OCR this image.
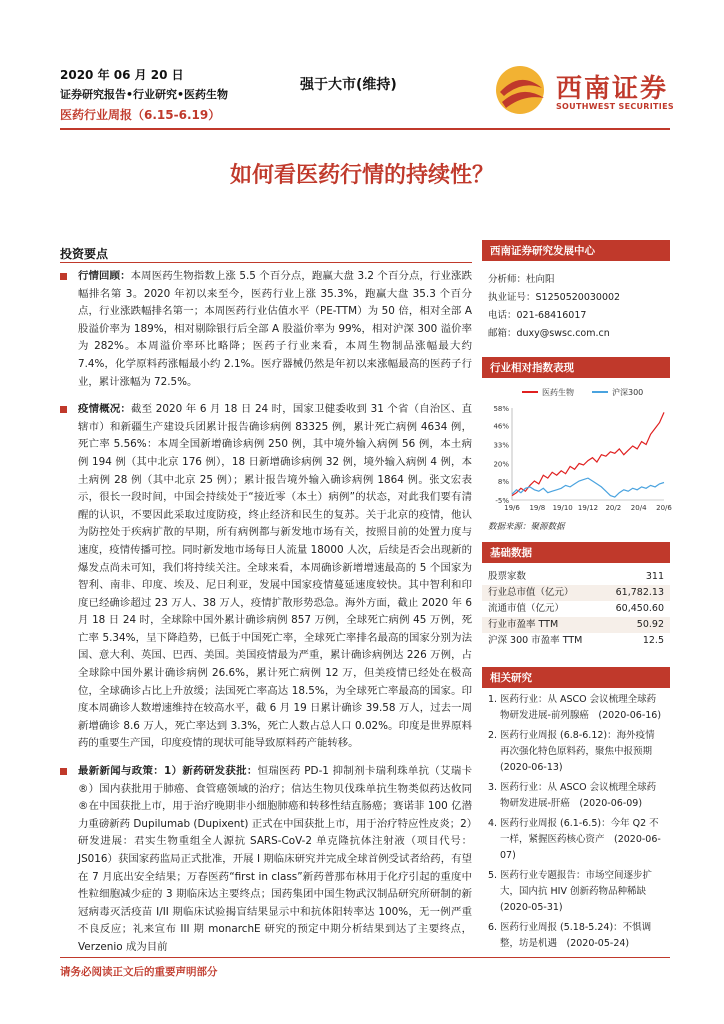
2020 年 06 月 20 日
证券研究报告•行业研究•医药生物
医药行业周报（6.15-6.19）
强于大市(维持)	西南证券
SOUTHWEST SECURITIES
如何看医药行情的持续性？
投资要点

行情回顾：本周医药生物指数上涨 5.5 个百分点，跑赢大盘 3.2 个百分点，行业涨跌幅排名第 3。2020 年初以来至今，医药行业上涨 35.3%，跑赢大盘 35.3 个百分点，行业涨跌幅排名第一；本周医药行业估值水平（PE-TTM）为 50 倍，相对全部 A 股溢价率为 189%，相对剔除银行后全部 A 股溢价率为 99%，相对沪深 300 溢价率为 282%。本周溢价率环比略降；医药子行业来看，本周生物制品涨幅最大约 7.4%，化学原料药涨幅最小约 2.1%。医疗器械仍然是年初以来涨幅最高的医药子行业，累计涨幅为 72.5%。

疫情概况：截至 2020 年 6 月 18 日 24 时，国家卫健委收到 31 个省（自治区、直辖市）和新疆生产建设兵团累计报告确诊病例 83325 例，累计死亡病例 4634 例，死亡率 5.56%：本周全国新增确诊病例 250 例，其中境外输入病例 56 例，本土病例 194 例（其中北京 176 例），18 日新增确诊病例 32 例，境外输入病例 4 例，本土病例 28 例（其中北京 25 例）；累计报告境外输入确诊病例 1864 例。张文宏表示，很长一段时间，中国会持续处于“接近零（本土）病例”的状态，对此我们要有清醒的认识，不要因此采取过度防疫，终止经济和民生的复苏。关于北京的疫情，他认为防控处于疾病扩散的早期，所有病例都与新发地市场有关，按照目前的处置力度与速度，疫情传播可控。同时新发地市场每日人流量 18000 人次，后续是否会出现新的爆发点尚未可知，我们将持续关注。全球来看，本周确诊新增增速最高的 5 个国家为智利、南非、印度、埃及、尼日利亚，发展中国家疫情蔓延速度较快。其中智利和印度已经确诊超过 23 万人、38 万人，疫情扩散形势恐急。海外方面，截止 2020 年 6 月 18 日 24 时，全球除中国外累计确诊病例 857 万例，全球死亡病例 45 万例，死亡率 5.34%，呈下降趋势，已低于中国死亡率，全球死亡率排名最高的国家分别为法国、意大利、英国、巴西、美国。美国疫情最为严重，累计确诊病例达 226 万例，占全球除中国外累计确诊病例 26.6%，累计死亡病例 12 万，但美疫情已经处在极高位，全球确诊占比上升放缓；法国死亡率高达 18.5%，为全球死亡率最高的国家。印度本周确诊人数增速维持在较高水平，截 6 月 19 日累计确诊 39.58 万人，过去一周新增确诊 8.6 万人，死亡率达到 3.3%，死亡人数占总人口 0.02%。印度是世界原料药的重要生产国，印度疫情的现状可能导致原料药产能转移。

最新新闻与政策：1）新药研发获批：恒瑞医药 PD-1 抑制剂卡瑞利珠单抗（艾瑞卡®）国内获批用于肺癌、食管癌领域的治疗；信达生物贝伐珠单抗生物类似药达攸同®在中国获批上市，用于治疗晚期非小细胞肺癌和转移性结直肠癌；赛诺菲 100 亿潜力重磅新药 Dupilumab (Dupixent) 正式在中国获批上市，用于治疗特应性皮炎；2）研发进展：君实生物重组全人源抗 SARS-CoV-2 单克隆抗体注射液（项目代号：JS016）获国家药监局正式批准，开展 I 期临床研究并完成全球首例受试者给药，有望在 7 月底出安全结果；万春医药“first in class”新药普那布林用于化疗引起的重度中性粒细胞减少症的 3 期临床达主要终点；国药集团中国生物武汉制品研究所研制的新冠病毒灭活疫苗 I/II 期临床试验揭盲结果显示中和抗体阳转率达 100%，无一例严重不良反应；礼来宣布 III 期 monarchE 研究的预定中期分析结果到达了主要终点，Verzenio 成为目前

西南证券研究发展中心
分析师：杜向阳
执业证号：S1250520030002
电话：021-68416017
邮箱：duxy@swsc.com.cn
行业相对指数表现
医药生物	沪深300
-5%
8%
20%
33%
46%
58%
19/6 19/8 19/10 19/12 20/2 20/4 20/6
数据来源：聚源数据
基础数据
股票家数	311
行业总市值（亿元）	61,782.13
流通市值（亿元）	60,450.60
行业市盈率 TTM	50.92
沪深 300 市盈率 TTM	12.5
相关研究
1. 医药行业：从 ASCO 会议梳理全球药物研发进展-前列腺癌　(2020-06-16)
2. 医药行业周报 (6.8-6.12)：海外疫情再次强化特色原料药，聚焦中报预期　(2020-06-13)
3. 医药行业：从 ASCO 会议梳理全球药物研发进展-肝癌　(2020-06-09)
4. 医药行业周报 (6.1-6.5)：今年 Q2 不一样，紧握医药核心资产　(2020-06-07)
5. 医药行业专题报告：市场空间逐步扩大，国内抗 HIV 创新药物品种稀缺　(2020-05-31)
6. 医药行业周报 (5.18-5.24)：不惧调整，坊是机遇　(2020-05-24)
请务必阅读正文后的重要声明部分
